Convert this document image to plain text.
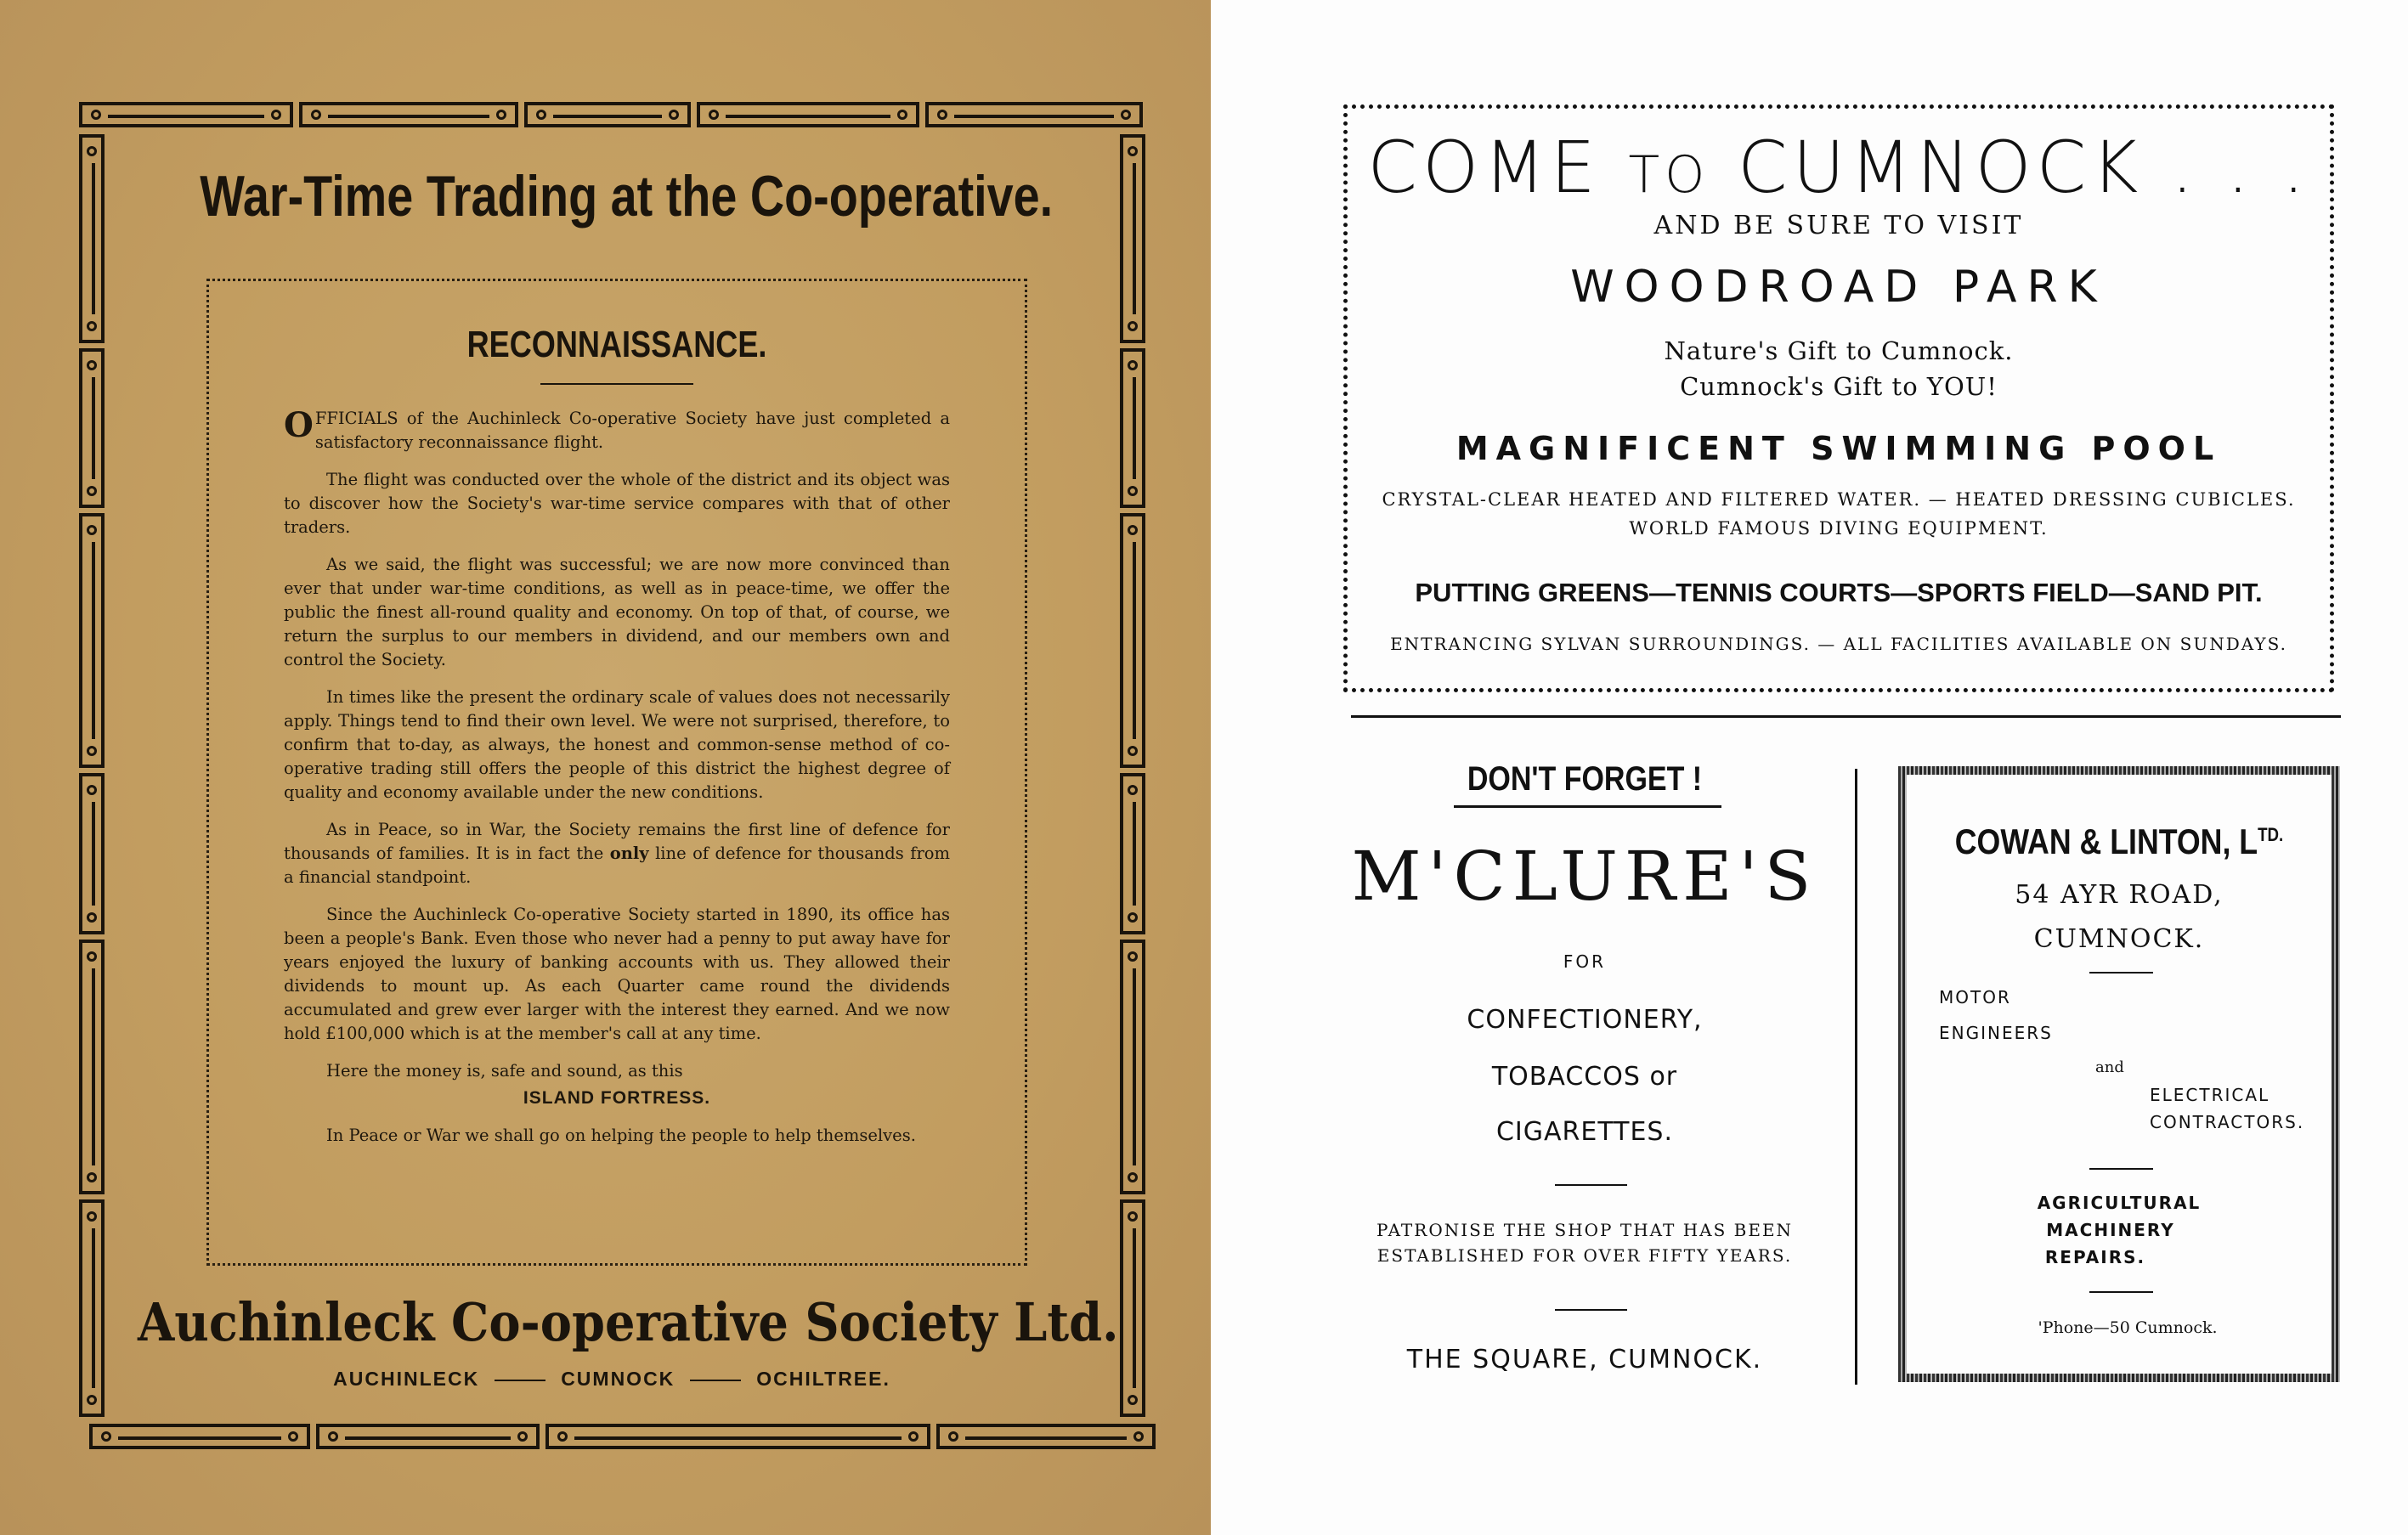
War-Time Trading at the Co-operative.
RECONNAISSANCE.

OFFICIALS of the Auchinleck Co-operative Society have just completed a satisfactory reconnaissance flight.

The flight was conducted over the whole of the district and its object was to discover how the Society's war-time service compares with that of other traders.

As we said, the flight was successful; we are now more convinced than ever that under war-time conditions, as well as in peace-time, we offer the public the finest all-round quality and economy. On top of that, of course, we return the surplus to our members in dividend, and our members own and control the Society.

In times like the present the ordinary scale of values does not necessarily apply. Things tend to find their own level. We were not surprised, therefore, to confirm that to-day, as always, the honest and common-sense method of co-operative trading still offers the people of this district the highest degree of quality and economy available under the new conditions.

As in Peace, so in War, the Society remains the first line of defence for thousands of families. It is in fact the only line of defence for thousands from a financial standpoint.

Since the Auchinleck Co-operative Society started in 1890, its office has been a people's Bank. Even those who never had a penny to put away have for years enjoyed the luxury of banking accounts with us. They allowed their dividends to mount up. As each Quarter came round the dividends accumulated and grew ever larger with the interest they earned. And we now hold £100,000 which is at the member's call at any time.

Here the money is, safe and sound, as this

ISLAND FORTRESS.

In Peace or War we shall go on helping the people to help themselves.

Auchinleck Co-operative Society Ltd.
AUCHINLECK	CUMNOCK	OCHILTREE.
COME TO CUMNOCK . . .
AND BE SURE TO VISIT
WOODROAD PARK
Nature's Gift to Cumnock.
Cumnock's Gift to YOU!
MAGNIFICENT SWIMMING POOL
CRYSTAL-CLEAR HEATED AND FILTERED WATER. — HEATED DRESSING CUBICLES.
WORLD FAMOUS DIVING EQUIPMENT.
PUTTING GREENS—TENNIS COURTS—SPORTS FIELD—SAND PIT.
ENTRANCING SYLVAN SURROUNDINGS. — ALL FACILITIES AVAILABLE ON SUNDAYS.
DON'T FORGET !
M'CLURE'S
FOR
CONFECTIONERY,
TOBACCOS or
CIGARETTES.
PATRONISE THE SHOP THAT HAS BEEN
ESTABLISHED FOR OVER FIFTY YEARS.
THE SQUARE, CUMNOCK.
COWAN & LINTON, $L^{TD.}$
54 AYR ROAD,
CUMNOCK.
MOTOR
ENGINEERS
and
ELECTRICAL
CONTRACTORS.
AGRICULTURAL
MACHINERY
REPAIRS.
'Phone—50 Cumnock.
